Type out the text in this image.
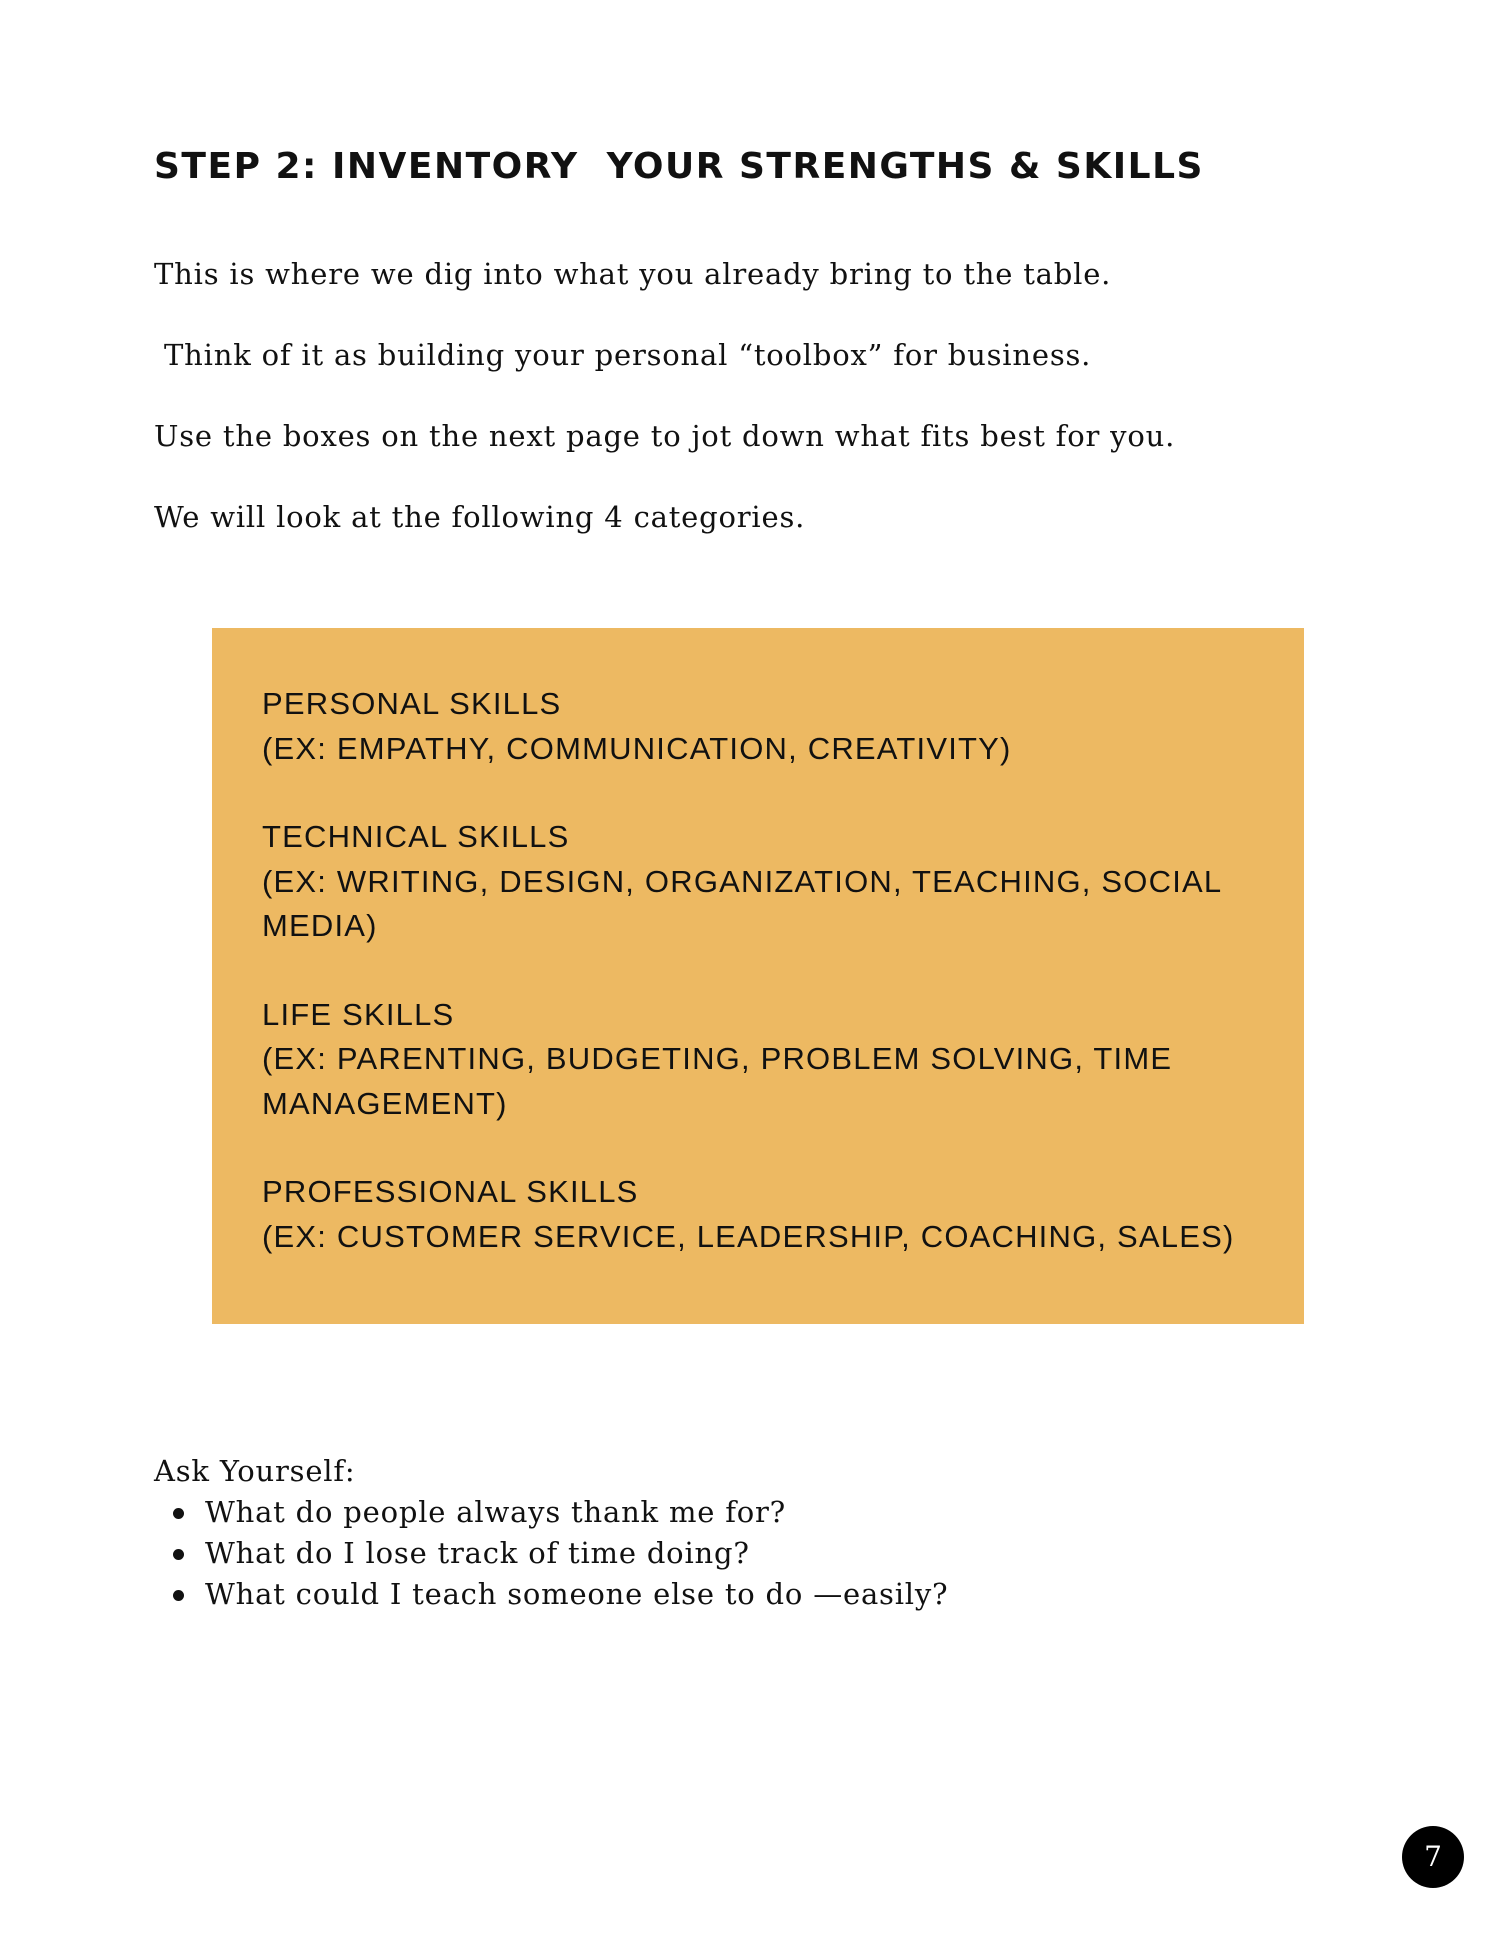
STEP 2: INVENTORY  YOUR STRENGTHS & SKILLS

This is where we dig into what you already bring to the table.

Think of it as building your personal “toolbox” for business.

Use the boxes on the next page to jot down what fits best for you.

We will look at the following 4 categories.

PERSONAL SKILLS
(EX: EMPATHY, COMMUNICATION, CREATIVITY)
TECHNICAL SKILLS
(EX: WRITING, DESIGN, ORGANIZATION, TEACHING, SOCIAL MEDIA)
LIFE SKILLS
(EX: PARENTING, BUDGETING, PROBLEM SOLVING, TIME MANAGEMENT)
PROFESSIONAL SKILLS
(EX: CUSTOMER SERVICE, LEADERSHIP, COACHING, SALES)

Ask Yourself:

What do people always thank me for?
What do I lose track of time doing?
What could I teach someone else to do —easily?
7
